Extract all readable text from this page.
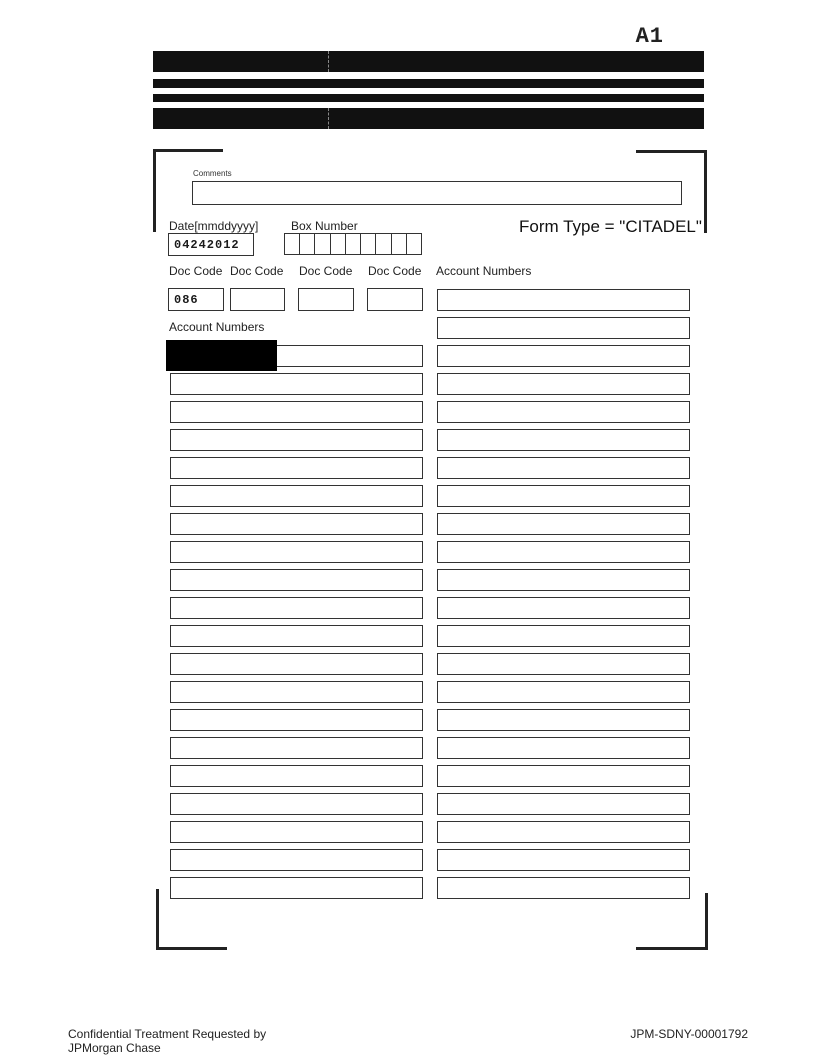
A1
Comments
Date[mmddyyyy]
04242012
Box Number	Form Type = "CITADEL"
Doc Code Doc Code Doc Code Doc Code
086
Account Numbers
Account Numbers
Confidential Treatment Requested by
JPMorgan Chase
JPM-SDNY-00001792
